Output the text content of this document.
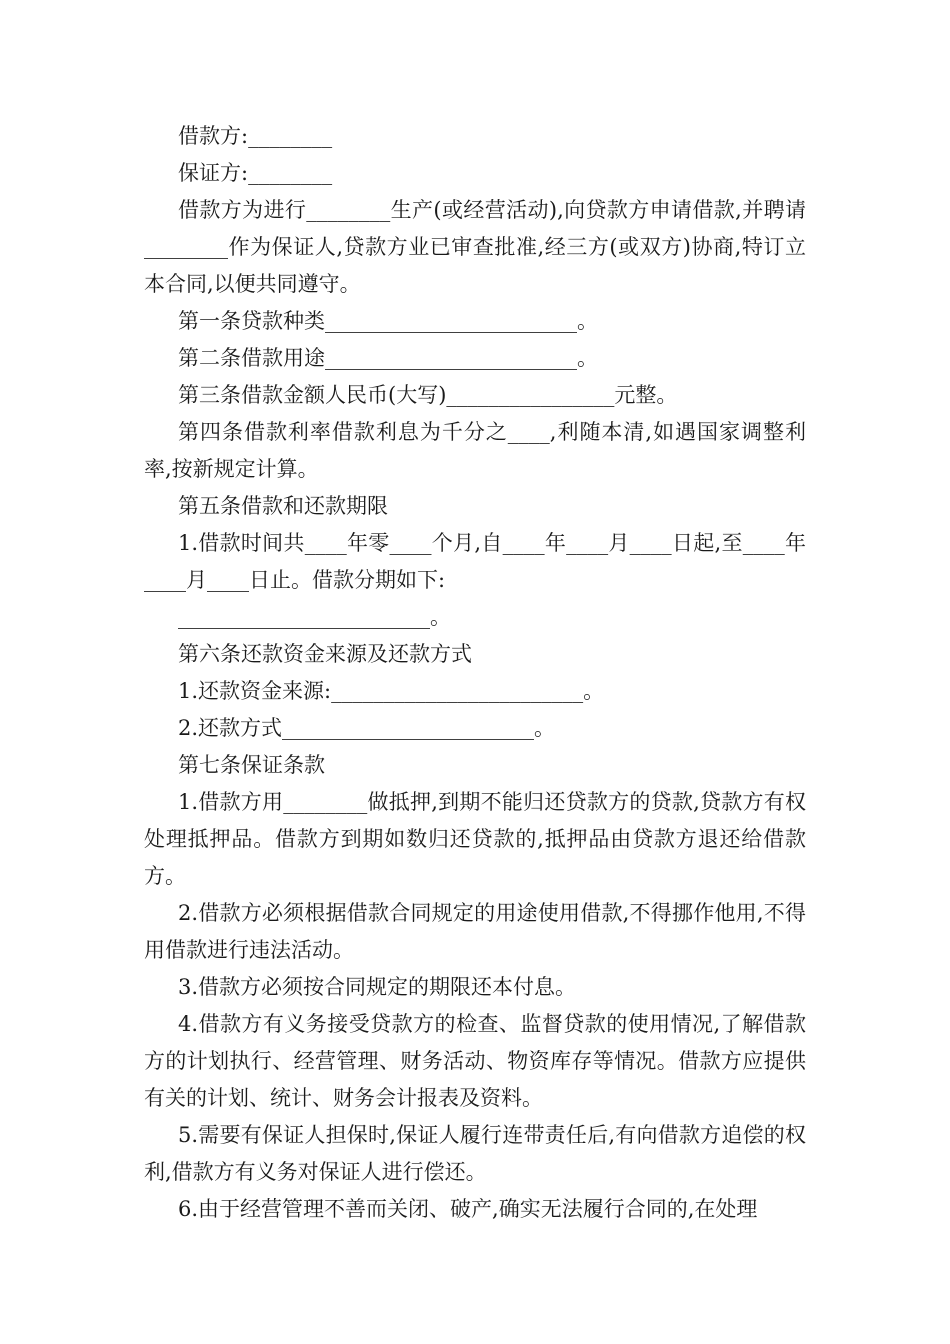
借款方:________

保证方:________

借款方为进行________生产(或经营活动),向贷款方申请借款,并聘请________作为保证人,贷款方业已审查批准,经三方(或双方)协商,特订立本合同,以便共同遵守。

第一条贷款种类________________________。

第二条借款用途________________________。

第三条借款金额人民币(大写)________________元整。

第四条借款利率借款利息为千分之____,利随本清,如遇国家调整利率,按新规定计算。

第五条借款和还款期限

1.借款时间共____年零____个月,自____年____月____日起,至____年____月____日止。借款分期如下:

________________________。

第六条还款资金来源及还款方式

1.还款资金来源:________________________。

2.还款方式________________________。

第七条保证条款

1.借款方用________做抵押,到期不能归还贷款方的贷款,贷款方有权处理抵押品。借款方到期如数归还贷款的,抵押品由贷款方退还给借款方。

2.借款方必须根据借款合同规定的用途使用借款,不得挪作他用,不得用借款进行违法活动。

3.借款方必须按合同规定的期限还本付息。

4.借款方有义务接受贷款方的检查、监督贷款的使用情况,了解借款方的计划执行、经营管理、财务活动、物资库存等情况。借款方应提供有关的计划、统计、财务会计报表及资料。

5.需要有保证人担保时,保证人履行连带责任后,有向借款方追偿的权利,借款方有义务对保证人进行偿还。

6.由于经营管理不善而关闭、破产,确实无法履行合同的,在处理
